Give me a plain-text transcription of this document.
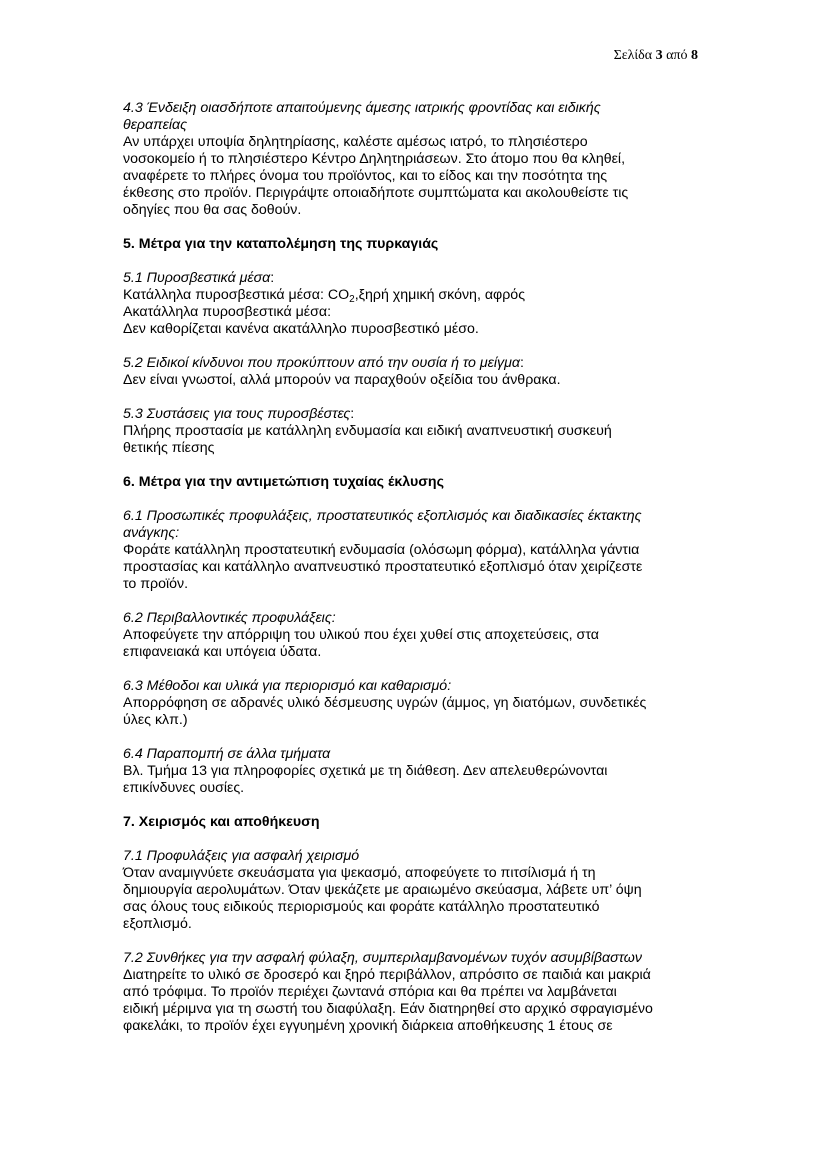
Σελίδα 3 από 8
4.3 Ένδειξη οιασδήποτε απαιτούμενης άμεσης ιατρικής φροντίδας και ειδικής
θεραπείας
Αν υπάρχει υποψία δηλητηρίασης, καλέστε αμέσως ιατρό, το πλησιέστερο
νοσοκομείο ή το πλησιέστερο Κέντρο Δηλητηριάσεων. Στο άτομο που θα κληθεί,
αναφέρετε το πλήρες όνομα του προϊόντος, και το είδος και την ποσότητα της
έκθεσης στο προϊόν. Περιγράψτε οποιαδήποτε συμπτώματα και ακολουθείστε τις
οδηγίες που θα σας δοθούν.
5. Μέτρα για την καταπολέμηση της πυρκαγιάς
5.1 Πυροσβεστικά μέσα:
Κατάλληλα πυροσβεστικά μέσα: $CO_2,\xi\eta\rho ή$ χημική σκόνη, αφρός
Ακατάλληλα πυροσβεστικά μέσα:
Δεν καθορίζεται κανένα ακατάλληλο πυροσβεστικό μέσο.
5.2 Ειδικοί κίνδυνοι που προκύπτουν από την ουσία ή το μείγμα:
Δεν είναι γνωστοί, αλλά μπορούν να παραχθούν οξείδια του άνθρακα.
5.3 Συστάσεις για τους πυροσβέστες:
Πλήρης προστασία με κατάλληλη ενδυμασία και ειδική αναπνευστική συσκευή
θετικής πίεσης
6. Μέτρα για την αντιμετώπιση τυχαίας έκλυσης
6.1 Προσωπικές προφυλάξεις, προστατευτικός εξοπλισμός και διαδικασίες έκτακτης
ανάγκης:
Φοράτε κατάλληλη προστατευτική ενδυμασία (ολόσωμη φόρμα), κατάλληλα γάντια
προστασίας και κατάλληλο αναπνευστικό προστατευτικό εξοπλισμό όταν χειρίζεστε
το προϊόν.
6.2 Περιβαλλοντικές προφυλάξεις:
Αποφεύγετε την απόρριψη του υλικού που έχει χυθεί στις αποχετεύσεις, στα
επιφανειακά και υπόγεια ύδατα.
6.3 Μέθοδοι και υλικά για περιορισμό και καθαρισμό:
Απορρόφηση σε αδρανές υλικό δέσμευσης υγρών (άμμος, γη διατόμων, συνδετικές
ύλες κλπ.)
6.4 Παραπομπή σε άλλα τμήματα
Βλ. Τμήμα 13 για πληροφορίες σχετικά με τη διάθεση. Δεν απελευθερώνονται
επικίνδυνες ουσίες.
7. Χειρισμός και αποθήκευση
7.1 Προφυλάξεις για ασφαλή χειρισμό
Όταν αναμιγνύετε σκευάσματα για ψεκασμό, αποφεύγετε το πιτσίλισμά ή τη
δημιουργία αερολυμάτων. Όταν ψεκάζετε με αραιωμένο σκεύασμα, λάβετε υπ’ όψη
σας όλους τους ειδικούς περιορισμούς και φοράτε κατάλληλο προστατευτικό
εξοπλισμό.
7.2 Συνθήκες για την ασφαλή φύλαξη, συμπεριλαμβανομένων τυχόν ασυμβίβαστων
Διατηρείτε το υλικό σε δροσερό και ξηρό περιβάλλον, απρόσιτο σε παιδιά και μακριά
από τρόφιμα. Το προϊόν περιέχει ζωντανά σπόρια και θα πρέπει να λαμβάνεται
ειδική μέριμνα για τη σωστή του διαφύλαξη. Εάν διατηρηθεί στο αρχικό σφραγισμένο
φακελάκι, το προϊόν έχει εγγυημένη χρονική διάρκεια αποθήκευσης 1 έτους σε
